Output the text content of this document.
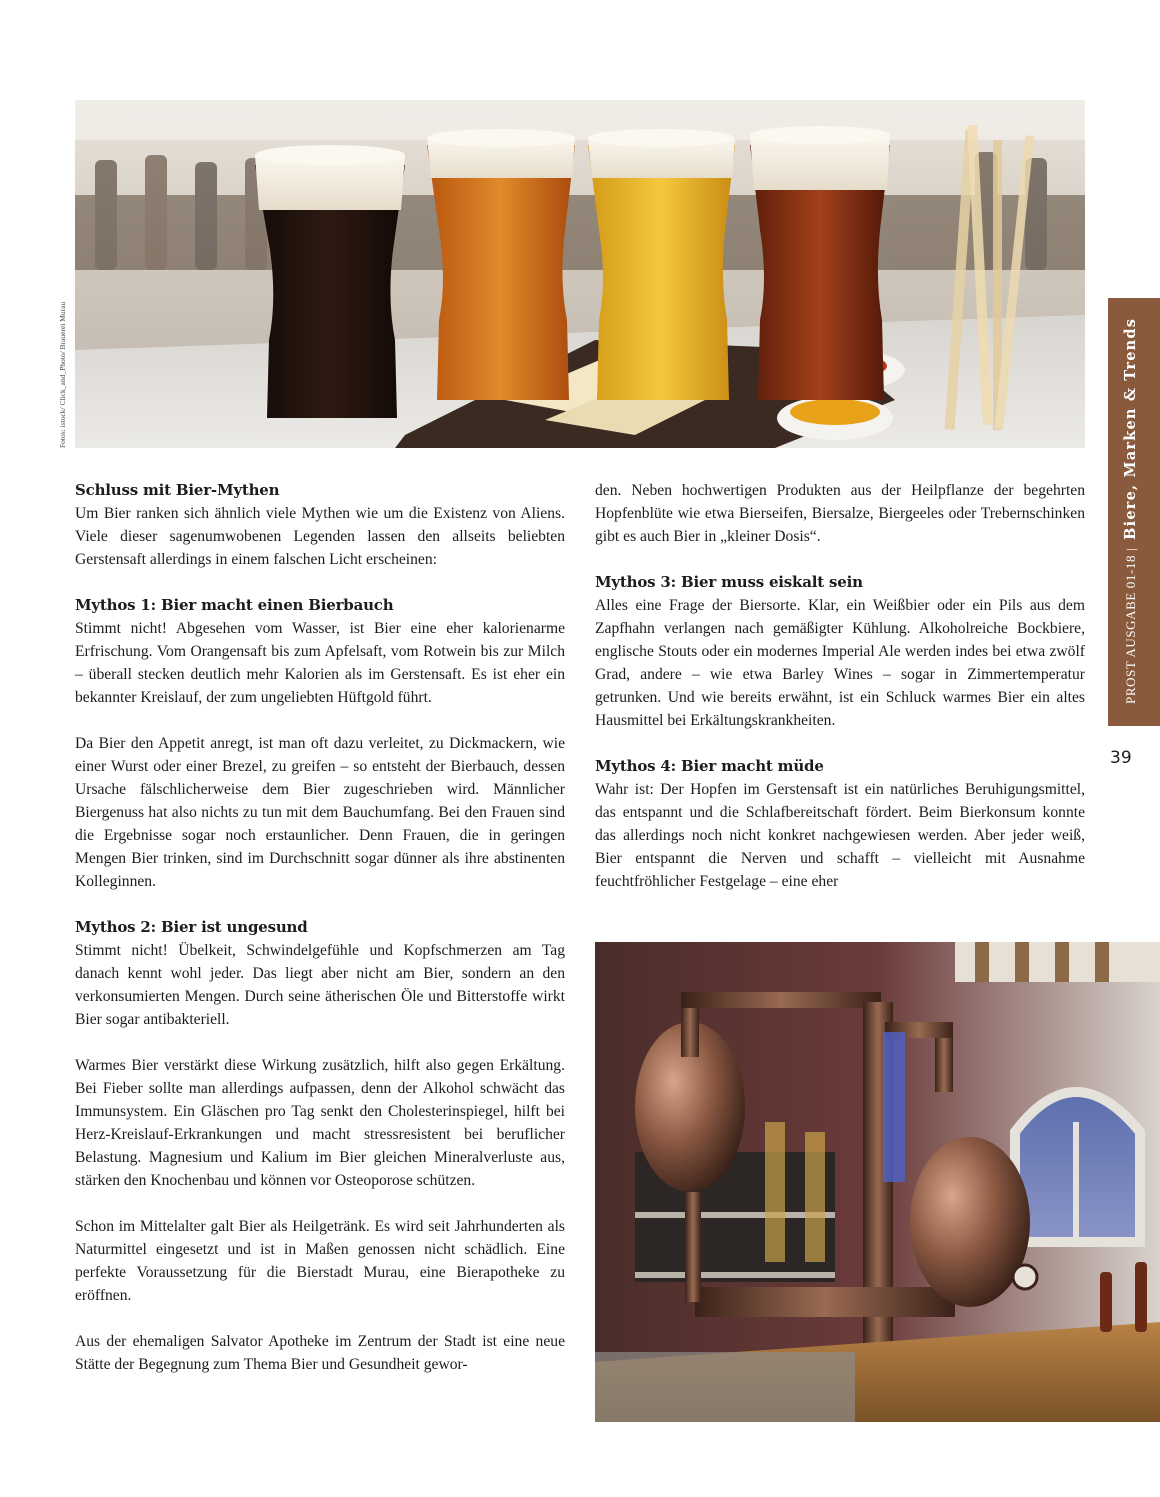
Fotos: istock/ Click_and_Photo/ Brauerei Murau
PROST AUSGABE 01-18 |
Biere, Marken & Trends
39
Schluss mit Bier-Mythen

Um Bier ranken sich ähnlich viele Mythen wie um die Existenz von Aliens. Viele dieser sagenumwobenen Legenden lassen den allseits beliebten Gerstensaft allerdings in einem falschen Licht erscheinen:

Mythos 1: Bier macht einen Bierbauch

Stimmt nicht! Abgesehen vom Wasser, ist Bier eine eher kalorienarme Erfrischung. Vom Orangensaft bis zum Apfelsaft, vom Rotwein bis zur Milch – überall stecken deutlich mehr Kalorien als im Gerstensaft. Es ist eher ein bekannter Kreislauf, der zum ungeliebten Hüftgold führt.

Da Bier den Appetit anregt, ist man oft dazu verleitet, zu Dickmackern, wie einer Wurst oder einer Brezel, zu greifen – so entsteht der Bierbauch, dessen Ursache fälschlicherweise dem Bier zugeschrieben wird. Männlicher Biergenuss hat also nichts zu tun mit dem Bauchumfang. Bei den Frauen sind die Ergebnisse sogar noch erstaunlicher. Denn Frauen, die in geringen Mengen Bier trinken, sind im Durchschnitt sogar dünner als ihre abstinenten Kolleginnen.

Mythos 2: Bier ist ungesund

Stimmt nicht! Übelkeit, Schwindelgefühle und Kopfschmerzen am Tag danach kennt wohl jeder. Das liegt aber nicht am Bier, sondern an den verkonsumierten Mengen. Durch seine ätherischen Öle und Bitterstoffe wirkt Bier sogar antibakteriell.

Warmes Bier verstärkt diese Wirkung zusätzlich, hilft also gegen Erkältung. Bei Fieber sollte man allerdings aufpassen, denn der Alkohol schwächt das Immunsystem. Ein Gläschen pro Tag senkt den Cholesterinspiegel, hilft bei Herz-Kreislauf-Erkrankungen und macht stressresistent bei beruflicher Belastung. Magnesium und Kalium im Bier gleichen Mineralverluste aus, stärken den Knochenbau und können vor Osteoporose schützen.

Schon im Mittelalter galt Bier als Heilgetränk. Es wird seit Jahrhunderten als Naturmittel eingesetzt und ist in Maßen genossen nicht schädlich. Eine perfekte Voraussetzung für die Bierstadt Murau, eine Bierapotheke zu eröffnen.

Aus der ehemaligen Salvator Apotheke im Zentrum der Stadt ist eine neue Stätte der Begegnung zum Thema Bier und Gesundheit gewor-

den. Neben hochwertigen Produkten aus der Heilpflanze der begehrten Hopfenblüte wie etwa Bierseifen, Biersalze, Biergeeles oder Trebernschinken gibt es auch Bier in „kleiner Dosis“.

Mythos 3: Bier muss eiskalt sein

Alles eine Frage der Biersorte. Klar, ein Weißbier oder ein Pils aus dem Zapfhahn verlangen nach gemäßigter Kühlung. Alkoholreiche Bockbiere, englische Stouts oder ein modernes Imperial Ale werden indes bei etwa zwölf Grad, andere – wie etwa Barley Wines – sogar in Zimmertemperatur getrunken. Und wie bereits erwähnt, ist ein Schluck warmes Bier ein altes Hausmittel bei Erkältungskrankheiten.

Mythos 4: Bier macht müde

Wahr ist: Der Hopfen im Gerstensaft ist ein natürliches Beruhigungsmittel, das entspannt und die Schlafbereitschaft fördert. Beim Bierkonsum konnte das allerdings noch nicht konkret nachgewiesen werden. Aber jeder weiß, Bier entspannt die Nerven und schafft – vielleicht mit Ausnahme feuchtfröhlicher Festgelage – eine eher
